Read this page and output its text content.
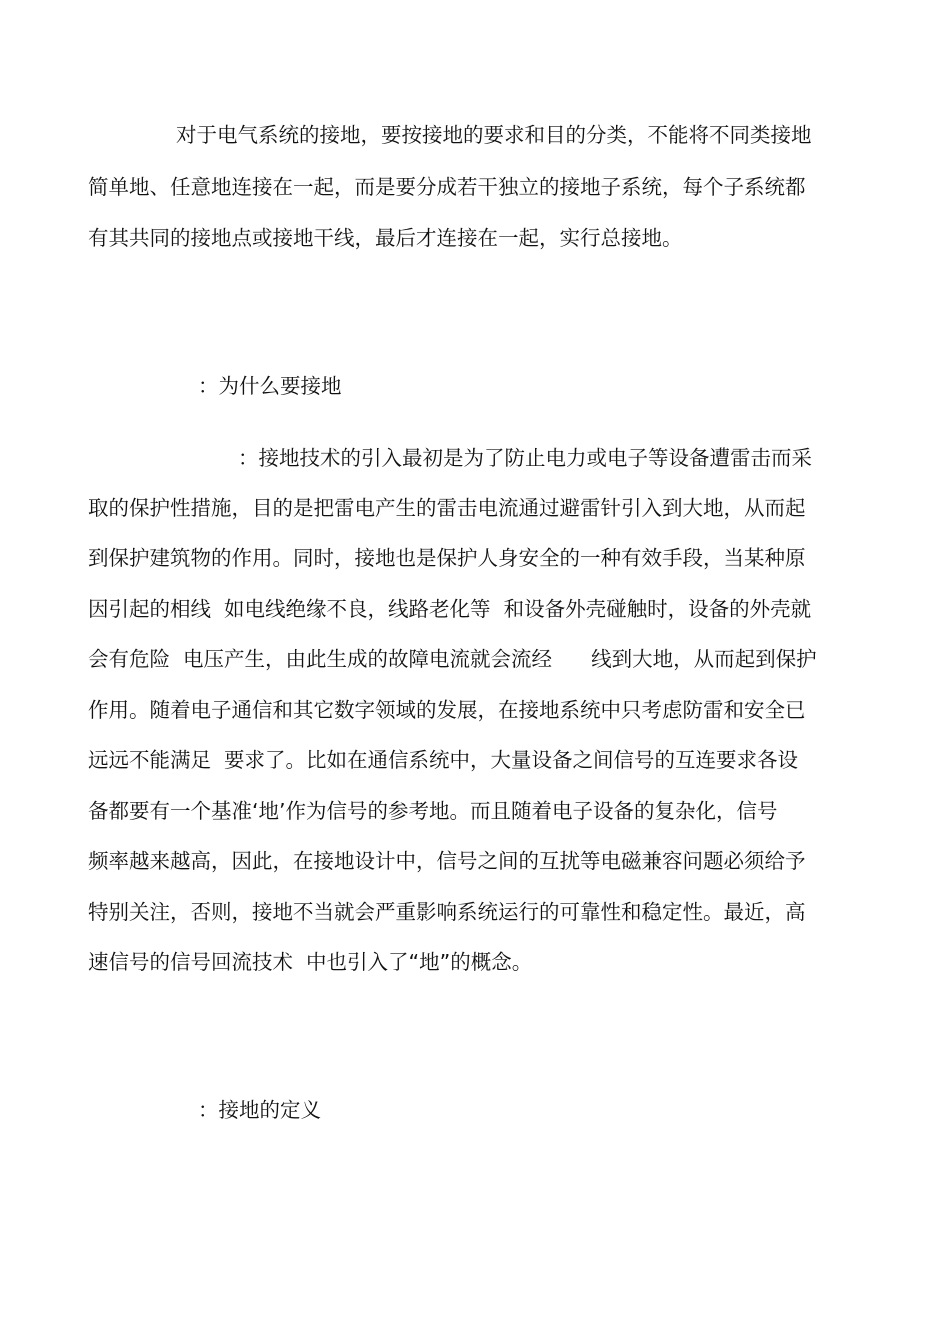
对于电气系统的接地，要按接地的要求和目的分类，不能将不同类接地

简单地、任意地连接在一起，而是要分成若干独立的接地子系统，每个子系统都

有其共同的接地点或接地干线，最后才连接在一起，实行总接地。

：为什么要接地

：接地技术的引入最初是为了防止电力或电子等设备遭雷击而采

取的保护性措施，目的是把雷电产生的雷击电流通过避雷针引入到大地，从而起

到保护建筑物的作用。同时，接地也是保护人身安全的一种有效手段，当某种原

因引起的相线  如电线绝缘不良，线路老化等  和设备外壳碰触时，设备的外壳就

会有危险  电压产生，由此生成的故障电流就会流经      线到大地，从而起到保护

作用。随着电子通信和其它数字领域的发展，在接地系统中只考虑防雷和安全已

远远不能满足  要求了。比如在通信系统中，大量设备之间信号的互连要求各设

备都要有一个基准‘地’作为信号的参考地。而且随着电子设备的复杂化，信号

频率越来越高，因此，在接地设计中，信号之间的互扰等电磁兼容问题必须给予

特别关注，否则，接地不当就会严重影响系统运行的可靠性和稳定性。最近，高

速信号的信号回流技术  中也引入了“地”的概念。

：接地的定义
